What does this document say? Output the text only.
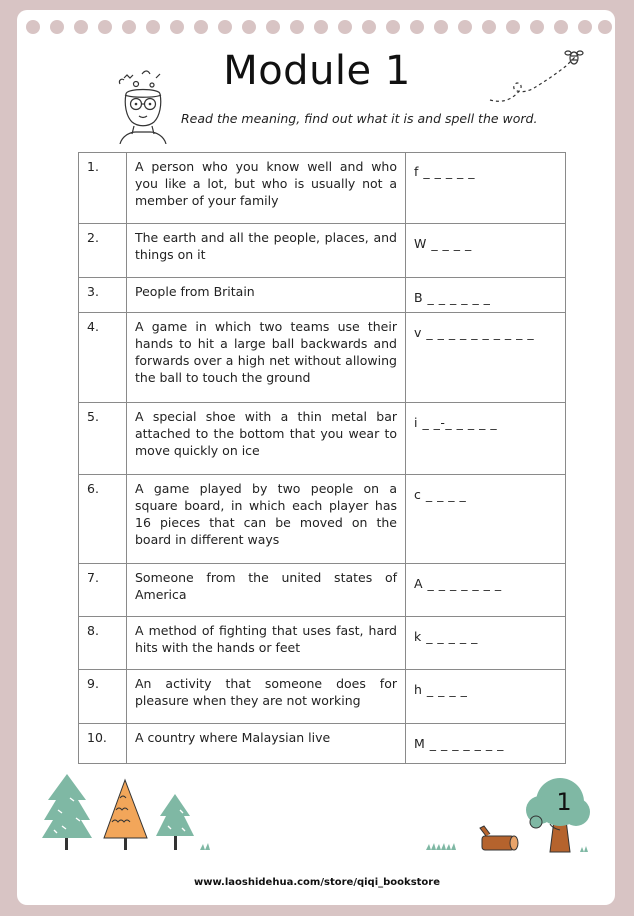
Module 1
Read the meaning, find out what it is and spell the word.
1.	A person who you know well and who you like a lot, but who is usually not a member of your family	f _ _ _ _ _

2.	The earth and all the people, places, and things on it	W _ _ _ _

3.	People from Britain	B _ _ _ _ _ _

4.	A game in which two teams use their hands to hit a large ball backwards and forwards over a high net without allowing the ball to touch the ground	v _ _ _ _ _ _ _ _ _ _

5.	A special shoe with a thin metal bar attached to the bottom that you wear to move quickly on ice	i _ _-_ _ _ _ _

6.	A game played by two people on a square board, in which each player has 16 pieces that can be moved on the board in different ways	c _ _ _ _

7.	Someone from the united states of America	A _ _ _ _ _ _ _

8.	A method of fighting that uses fast, hard hits with the hands or feet	k _ _ _ _ _

9.	An activity that someone does for pleasure when they are not working	h _ _ _ _

10.	A country where Malaysian live	M _ _ _ _ _ _ _
1
www.laoshidehua.com/store/qiqi_bookstore
